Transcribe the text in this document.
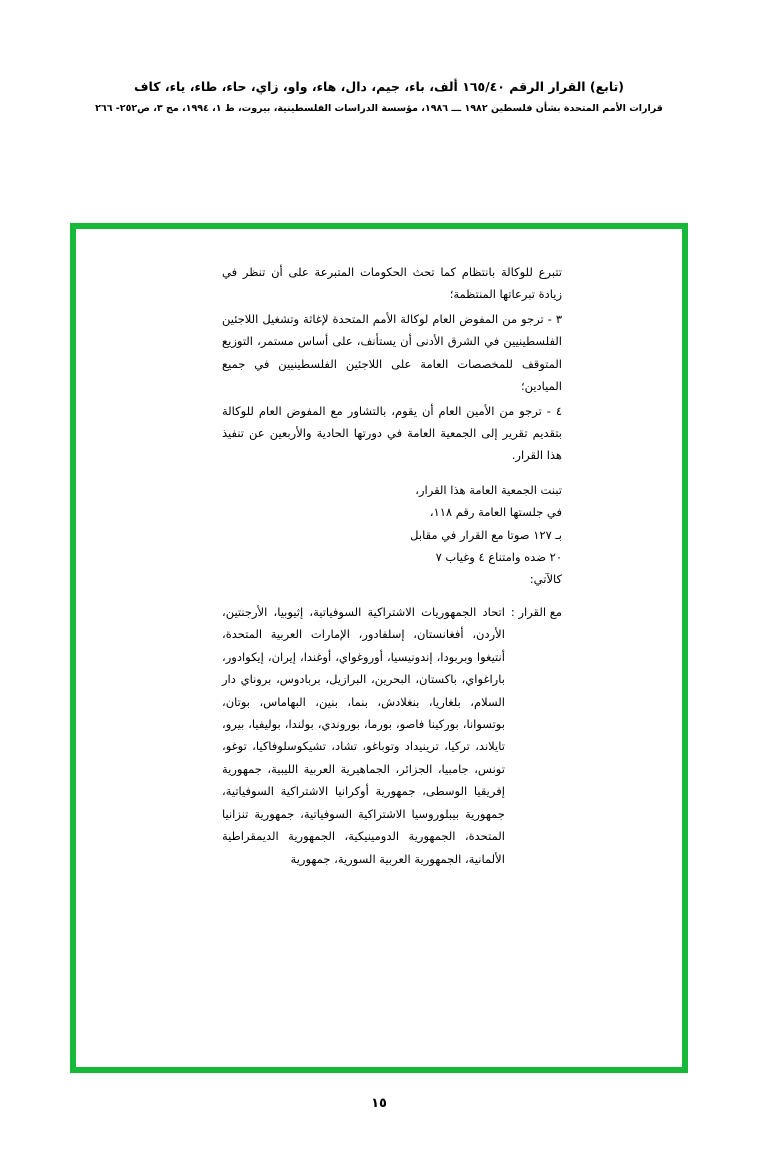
(تابع) القرار الرقم ١٦٥/٤٠ ألف، باء، جيم، دال، هاء، واو، زاي، حاء، طاء، ياء، كاف
قرارات الأمم المتحدة بشأن فلسطين ١٩٨٢ ـــ ١٩٨٦، مؤسسة الدراسات الفلسطينية، بيروت، ط ١، ١٩٩٤، مج ٣، ص٢٥٢- ٢٦٦

تتبرع للوكالة بانتظام كما تحث الحكومات المتبرعة على أن تنظر في زيادة تبرعاتها المنتظمة؛

٣ - ترجو من المفوض العام لوكالة الأمم المتحدة لإغاثة وتشغيل اللاجئين الفلسطينيين في الشرق الأدنى أن يستأنف، على أساس مستمر، التوزيع المتوقف للمخصصات العامة على اللاجئين الفلسطينيين في جميع الميادين؛

٤ - ترجو من الأمين العام أن يقوم، بالتشاور مع المفوض العام للوكالة بتقديم تقرير إلى الجمعية العامة في دورتها الحادية والأربعين عن تنفيذ هذا القرار.

تبنت الجمعية العامة هذا القرار،

في جلستها العامة رقم ١١٨،

بـ ١٢٧ صوتا مع القرار في مقابل

٢٠ ضده وامتناع ٤ وغياب ٧

كالآتي:

مع القرار :
اتحاد الجمهوريات الاشتراكية السوفياتية، إثيوبيا، الأرجنتين، الأردن، أفغانستان، إسلفادور، الإمارات العربية المتحدة، أنتيغوا وبربودا، إندونيسيا، أوروغواي، أوغندا، إيران، إيكوادور، باراغواي، باكستان، البحرين، البرازيل، بربادوس، بروناي دار السلام، بلغاريا، بنغلادش، بنما، بنين، البهاماس، بوتان، بوتسوانا، بوركينا فاصو، بورما، بوروندي، بولندا، بوليفيا، بيرو، تايلاند، تركيا، ترينيداد وتوباغو، تشاد، تشيكوسلوفاكيا، توغو، تونس، جامبيا، الجزائر، الجماهيرية العربية الليبية، جمهورية إفريقيا الوسطى، جمهورية أوكرانيا الاشتراكية السوفياتية، جمهورية بيبلوروسيا الاشتراكية السوفياتية، جمهورية تنزانيا المتحدة، الجمهورية الدومينيكية، الجمهورية الديمقراطية الألمانية، الجمهورية العربية السورية، جمهورية
١٥
